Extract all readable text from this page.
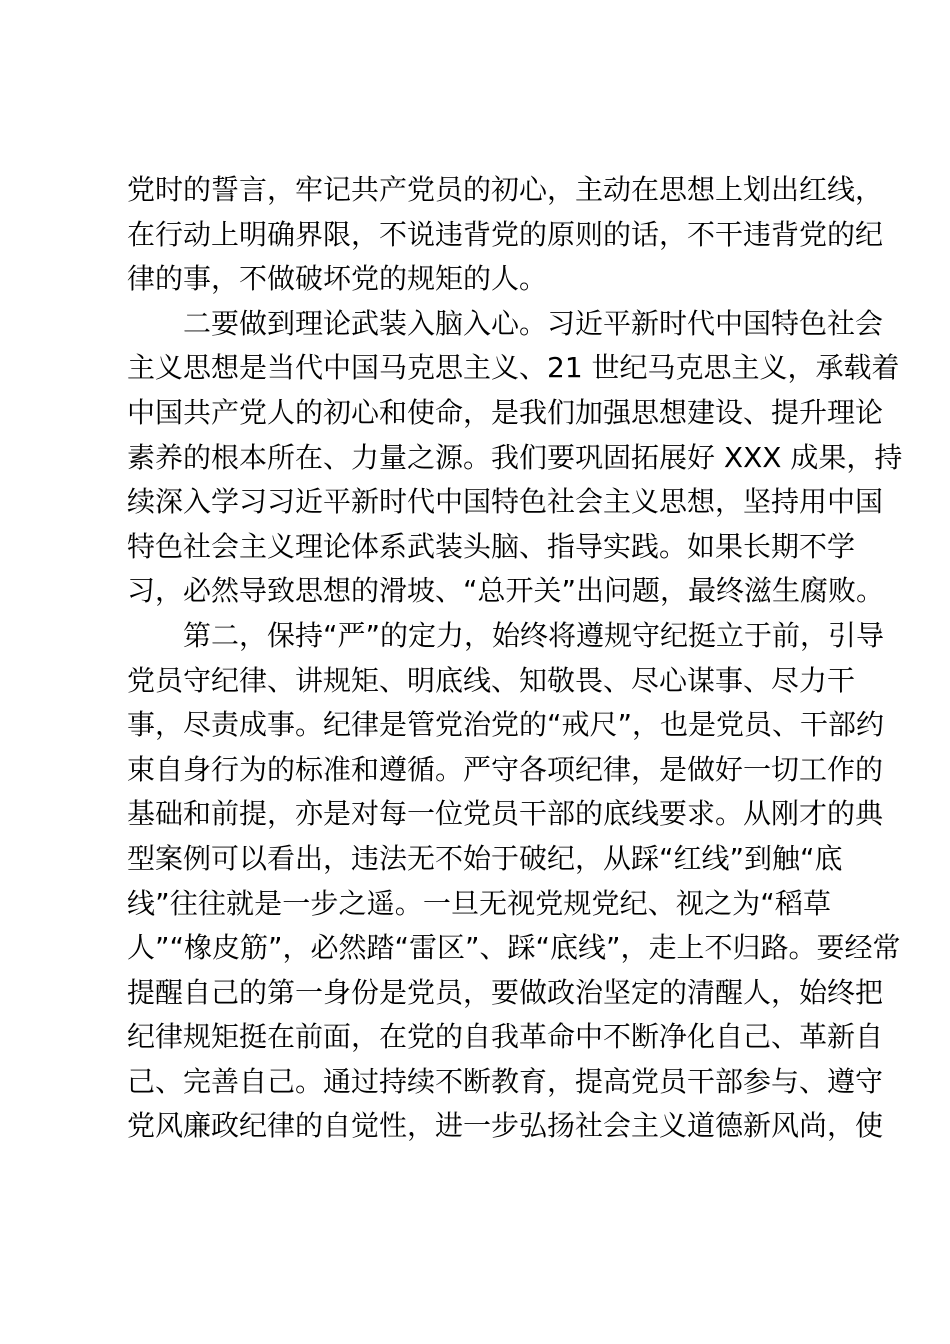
党时的誓言，牢记共产党员的初心，主动在思想上划出红线，
在行动上明确界限，不说违背党的原则的话，不干违背党的纪
律的事，不做破坏党的规矩的人。

二要做到理论武装入脑入心。习近平新时代中国特色社会
主义思想是当代中国马克思主义、21 世纪马克思主义，承载着
中国共产党人的初心和使命，是我们加强思想建设、提升理论
素养的根本所在、力量之源。我们要巩固拓展好 XXX 成果，持
续深入学习习近平新时代中国特色社会主义思想，坚持用中国
特色社会主义理论体系武装头脑、指导实践。如果长期不学
习，必然导致思想的滑坡、“总开关”出问题，最终滋生腐败。

第二，保持“严”的定力，始终将遵规守纪挺立于前，引导
党员守纪律、讲规矩、明底线、知敬畏、尽心谋事、尽力干
事，尽责成事。纪律是管党治党的“戒尺”，也是党员、干部约
束自身行为的标准和遵循。严守各项纪律，是做好一切工作的
基础和前提，亦是对每一位党员干部的底线要求。从刚才的典
型案例可以看出，违法无不始于破纪，从踩“红线”到触“底
线”往往就是一步之遥。一旦无视党规党纪、视之为“稻草
人”“橡皮筋”，必然踏“雷区”、踩“底线”，走上不归路。要经常
提醒自己的第一身份是党员，要做政治坚定的清醒人，始终把
纪律规矩挺在前面，在党的自我革命中不断净化自己、革新自
己、完善自己。通过持续不断教育，提高党员干部参与、遵守
党风廉政纪律的自觉性，进一步弘扬社会主义道德新风尚，使
